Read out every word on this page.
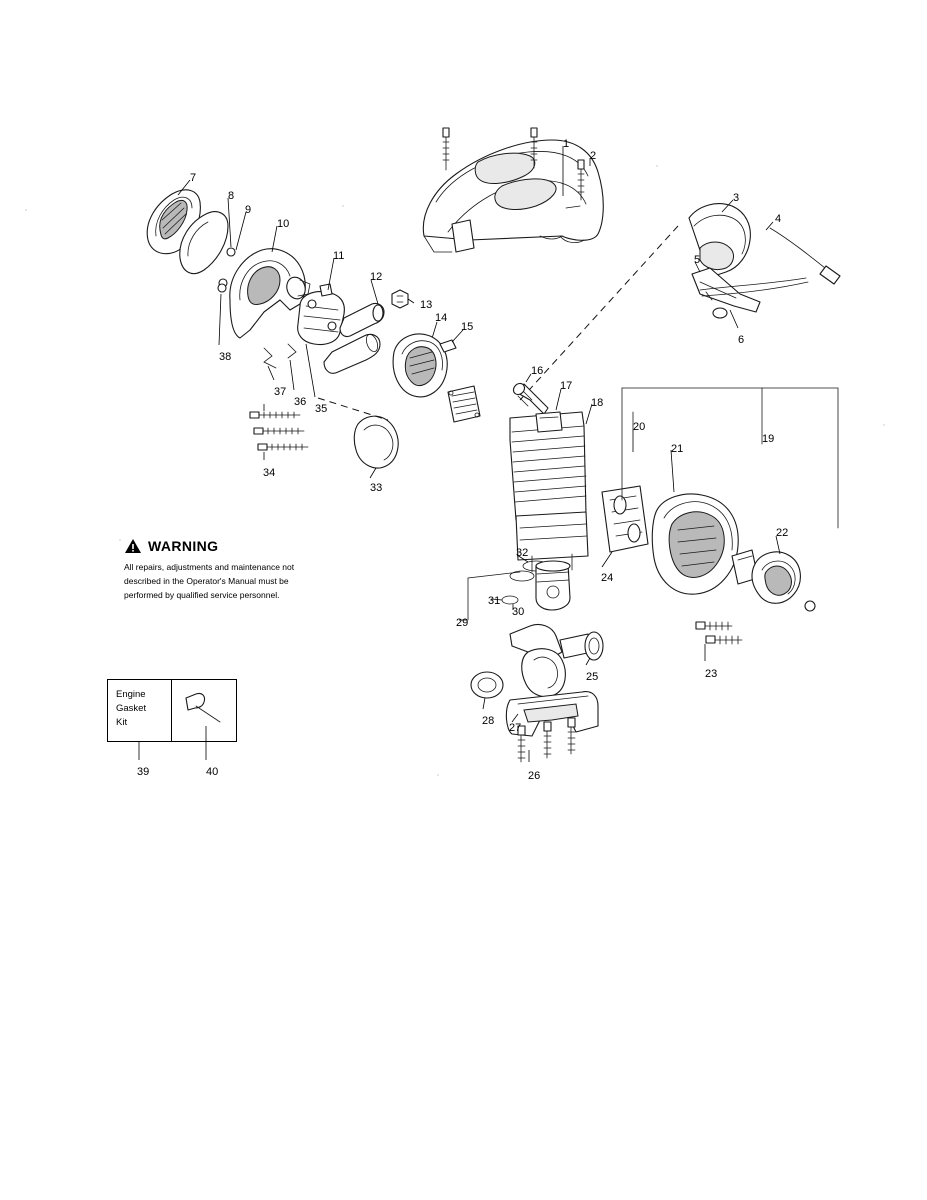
WARNING
All repairs, adjustments and maintenance not described in the Operator's Manual must be performed by qualified service personnel.
Engine
Gasket
Kit
1
2
3
4
5
6
7
8
9
10
11
12
13
14
15
16
17
18
19
20
21
22
23
24
25
26
27
28
29
30
31
32
33
34
35
36
37
38
39	40
